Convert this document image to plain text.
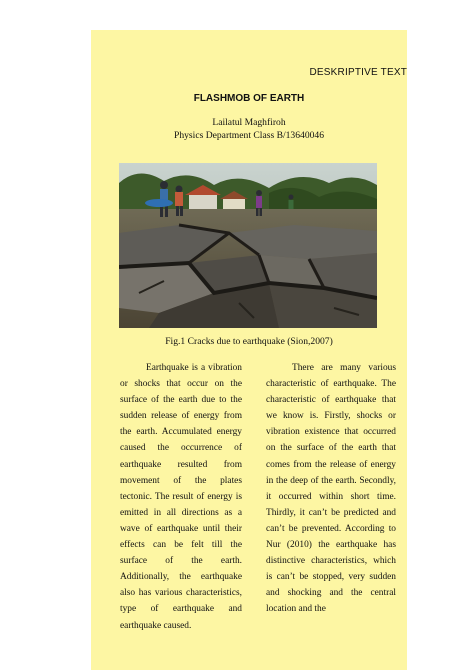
DESKRIPTIVE TEXT
FLASHMOB OF EARTH
Lailatul Maghfiroh
Physics Department Class B/13640046
Fig.1 Cracks due to earthquake (Sion,2007)

Earthquake is a vibration or shocks that occur on the surface of the earth due to the sudden release of energy from the earth. Accumulated energy caused the occurrence of earthquake resulted from movement of the plates tectonic. The result of energy is emitted in all directions as a wave of earthquake until their effects can be felt till the surface of the earth. Additionally, the earthquake also has various characteristics, type of earthquake and earthquake caused.

There are many various characteristic of earthquake. The characteristic of earthquake that we know is. Firstly, shocks or vibration existence that occurred on the surface of the earth that comes from the release of energy in the deep of the earth. Secondly, it occurred within short time. Thirdly, it can’t be predicted and can’t be prevented. According to Nur (2010) the earthquake has distinctive characteristics, which is can’t be stopped, very sudden and shocking and the central location and the
